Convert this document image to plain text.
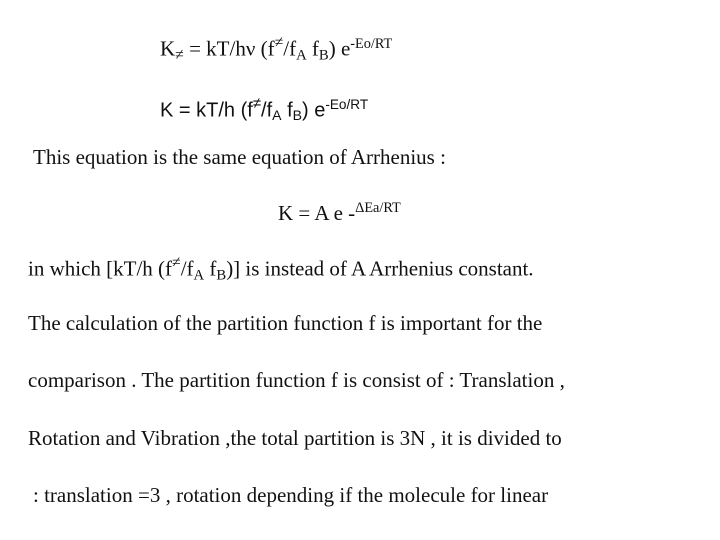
$K_\ne = kT/h\nu$ ($f^\ne/f_A$ $f_B$) $e^{-Eo/RT}$
K = kT/h ($f^\ne/f_A$ $f_B$) $e^{-Eo/RT}$
This equation is the same equation of Arrhenius :
K = A e -$^{\Delta Ea/RT}$
in which [kT/h ($f^\ne/f_A$ $f_B$)] is instead of A Arrhenius constant.
The calculation of the partition function f is important for the
comparison . The partition function f is consist of : Translation ,
Rotation and Vibration ,the total partition is 3N , it is divided to
: translation =3 , rotation depending if the molecule for linear
